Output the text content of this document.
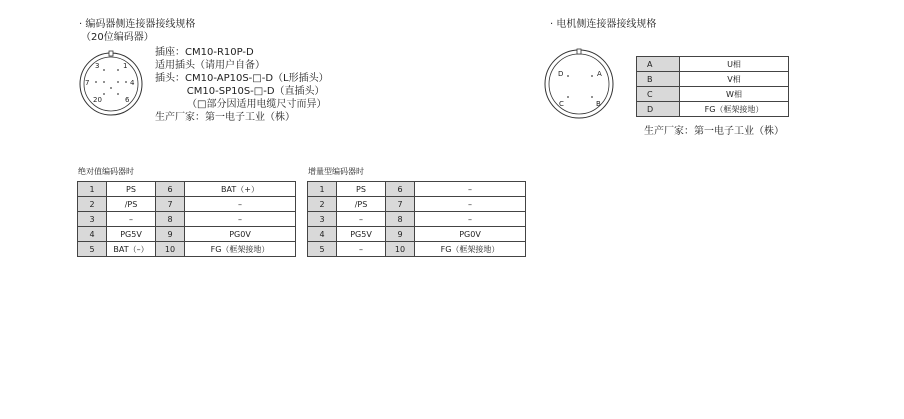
· 编码器侧连接器接线规格
（20位编码器）
3	1
7	4
20	6
插座：CM10-R10P-D
适用插头（请用户自备）
插头：CM10-AP10S-□-D（L形插头）
CM10-SP10S-□-D（直插头）
（□部分因适用电缆尺寸而异）
生产厂家：第一电子工业（株）
· 电机侧连接器接线规格
D	A
C	B
A	U相
B	V相
C	W相
D	FG（框架接地）
生产厂家：第一电子工业（株）
绝对值编码器时
1	PS	6	BAT（+）
2	/PS	7	–
3	–	8	–
4	PG5V	9	PG0V
5	BAT（–）	10	FG（框架接地）
增量型编码器时
1	PS	6	–
2	/PS	7	–
3	–	8	–
4	PG5V	9	PG0V
5	–	10	FG（框架接地）
